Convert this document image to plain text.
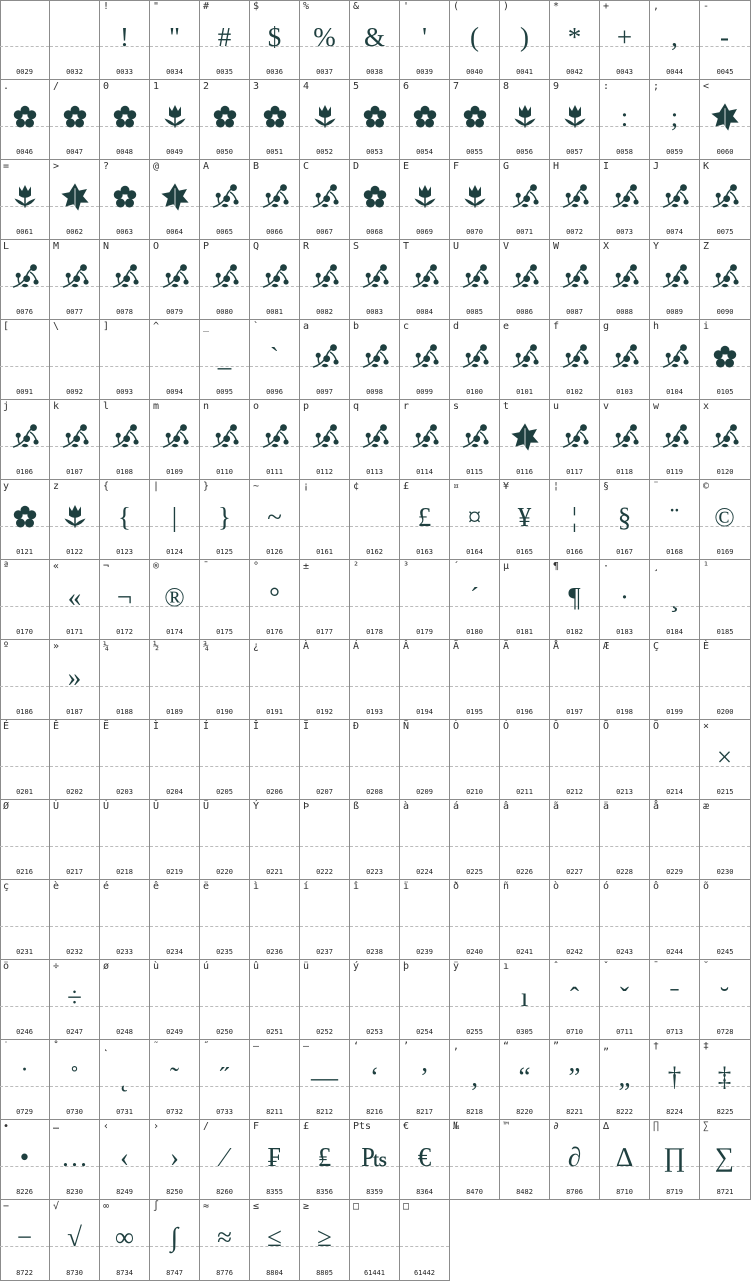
0029	0032
!
!
0033
"
"
0034
#
#
0035
$
$
0036
%
%
0037
&
&
0038
'
'
0039
(
(
0040
)
)
0041
*
*
0042
+
+
0043
,
,
0044
-
-
0045
.
0046
/
0047
0
0048
1
0049
2
0050
3
0051
4
0052
5
0053
6
0054
7
0055
8
0056
9
0057
:
:
0058
;
;
0059
<
0060
=
0061
>
0062
?
0063
@
0064
A
0065
B
0066
C
0067
D
0068
E
0069
F
0070
G
0071
H
0072
I
0073
J
0074
K
0075
L
0076
M
0077
N
0078
O
0079
P
0080
Q
0081
R
0082
S
0083
T
0084
U
0085
V
0086
W
0087
X
0088
Y
0089
Z
0090
[
0091
\
0092
]
0093
^
0094
_
_
0095
`
`
0096
a
0097
b
0098
c
0099
d
0100
e
0101
f
0102
g
0103
h
0104
i
0105
j
0106
k
0107
l
0108
m
0109
n
0110
o
0111
p
0112
q
0113
r
0114
s
0115
t
0116
u
0117
v
0118
w
0119
x
0120
y
0121
z
0122
{
{
0123
|
|
0124
}
}
0125
~
~
0126
¡
0161
¢
0162
£
£
0163
¤
¤
0164
¥
¥
0165
¦
¦
0166
§
§
0167
¨
¨
0168
©
©
0169
ª
0170
«
«
0171
¬
¬
0172
®
®
0174
¯
0175
°
°
0176
±
0177
²
0178
³
0179
´
´
0180
µ
0181
¶
¶
0182
·
·
0183
¸
¸
0184
¹
0185
º
0186
»
»
0187
¼
0188
½
0189
¾
0190
¿
0191
À
0192
Á
0193
Â
0194
Ã
0195
Ä
0196
Å
0197
Æ
0198
Ç
0199
È
0200
É
0201
Ê
0202
Ë
0203
Ì
0204
Í
0205
Î
0206
Ï
0207
Ð
0208
Ñ
0209
Ò
0210
Ó
0211
Ô
0212
Õ
0213
Ö
0214
×
×
0215
Ø
0216
Ù
0217
Ú
0218
Û
0219
Ü
0220
Ý
0221
Þ
0222
ß
0223
à
0224
á
0225
â
0226
ã
0227
ä
0228
å
0229
æ
0230
ç
0231
è
0232
é
0233
ê
0234
ë
0235
ì
0236
í
0237
î
0238
ï
0239
ð
0240
ñ
0241
ò
0242
ó
0243
ô
0244
õ
0245
ö
0246
÷
÷
0247
ø
0248
ù
0249
ú
0250
û
0251
ü
0252
ý
0253
þ
0254
ÿ
0255
ı
ı
0305
ˆ
ˆ
0710
ˇ
ˇ
0711
ˉ
ˉ
0713
˘
˘
0728
˙
˙
0729
˚
˚
0730
˛
˛
0731
˜
˜
0732
˝
˝
0733
–
8211
—
—
8212
‘
‘
8216
’
’
8217
‚
‚
8218
“
“
8220
”
”
8221
„
„
8222
†
†
8224
‡
‡
8225
•
•
8226
…
…
8230
‹
‹
8249
›
›
8250
/
⁄
8260
F
₣
8355
£
₤
8356
Pts
₧
8359
€
€
8364
№
8470
™
8482
∂
∂
8706
∆
∆
8710
∏
∏
8719
∑
∑
8721
−
−
8722
√
√
8730
∞
∞
8734
∫
∫
8747
≈
≈
8776
≤
≤
8804
≥
≥
8805
□
61441
□
61442
